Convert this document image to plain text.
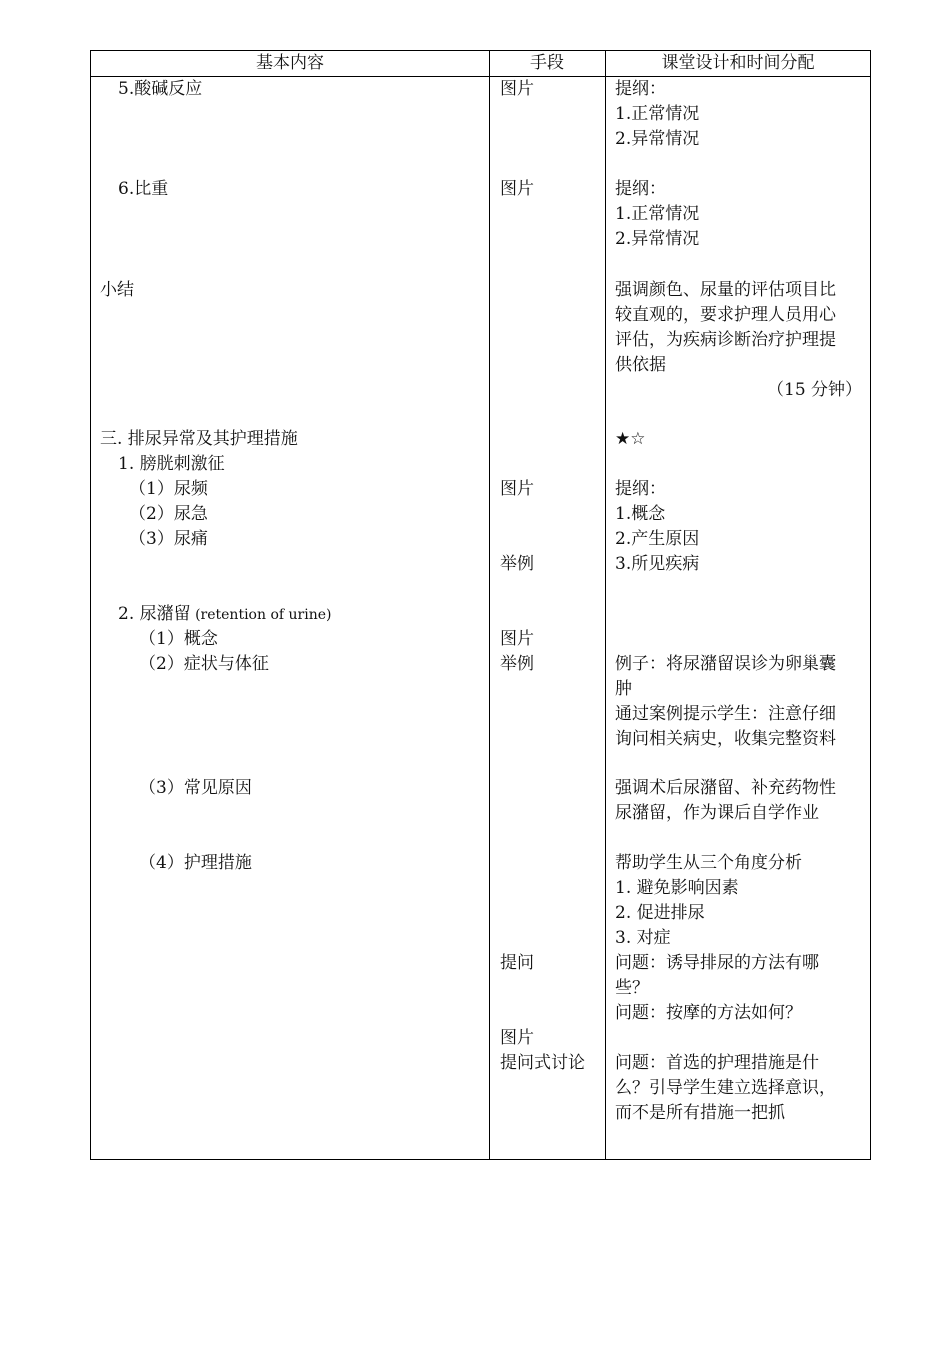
基本内容	手段	课堂设计和时间分配
5.酸碱反应
6.比重
小结
三. 排尿异常及其护理措施
1. 膀胱刺激征
（1）尿频
（2）尿急
（3）尿痛
2. 尿潴留 (retention of urine)
（1）概念
（2）症状与体征
（3）常见原因
（4）护理措施
图片
图片
图片
举例
图片
举例
提问
图片
提问式讨论
提纲：
1.正常情况
2.异常情况
提纲：
1.正常情况
2.异常情况
强调颜色、尿量的评估项目比
较直观的，要求护理人员用心
评估，为疾病诊断治疗护理提
供依据
（15 分钟）
★☆
提纲：
1.概念
2.产生原因
3.所见疾病
例子：将尿潴留误诊为卵巢囊
肿
通过案例提示学生：注意仔细
询问相关病史，收集完整资料
强调术后尿潴留、补充药物性
尿潴留，作为课后自学作业
帮助学生从三个角度分析
1. 避免影响因素
2. 促进排尿
3. 对症
问题：诱导排尿的方法有哪
些？
问题：按摩的方法如何？
问题：首选的护理措施是什
么？引导学生建立选择意识，
而不是所有措施一把抓
